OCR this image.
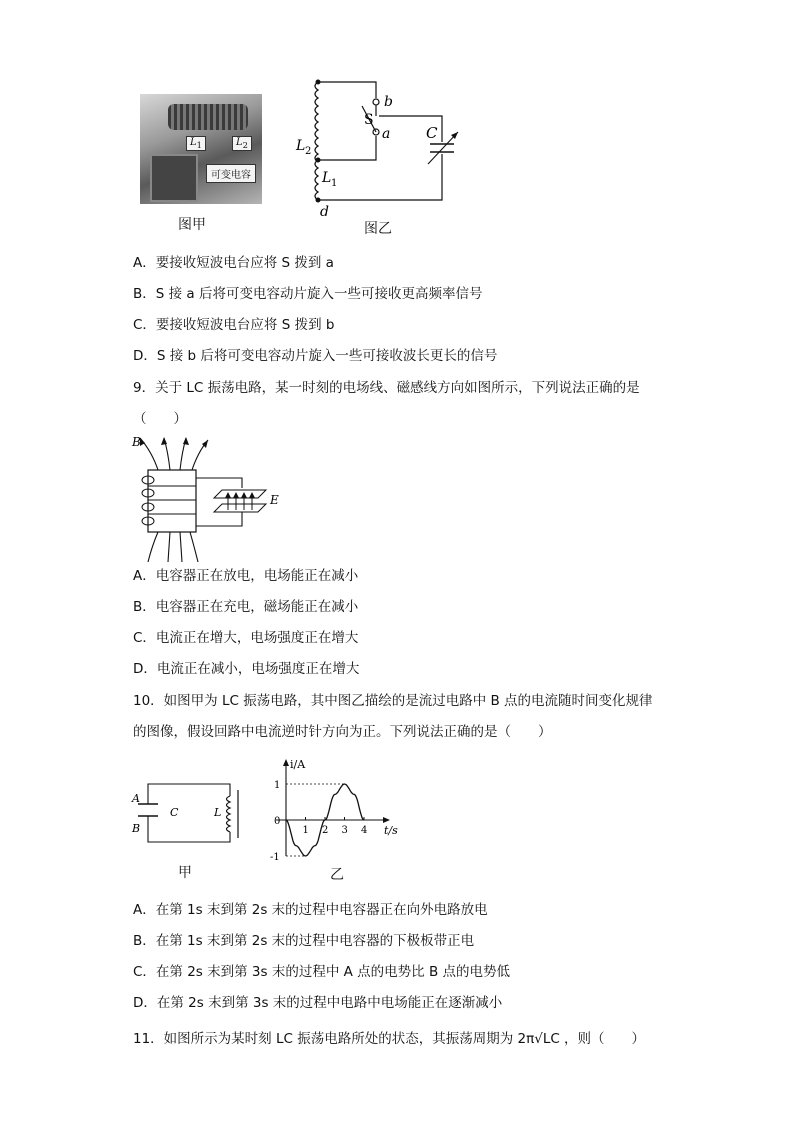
$L_1$	$L_2$
可变电容
图甲
b
S
a C
L 2
L 1
d
图乙
A．要接收短波电台应将 S 拨到 a
B．S 接 a 后将可变电容动片旋入一些可接收更高频率信号
C．要接收短波电台应将 S 拨到 b
D．S 接 b 后将可变电容动片旋入一些可接收波长更长的信号
9．关于 LC 振荡电路，某一时刻的电场线、磁感线方向如图所示，下列说法正确的是
（　　）
B
E
A．电容器正在放电，电场能正在减小
B．电容器正在充电，磁场能正在减小
C．电流正在增大，电场强度正在增大
D．电流正在减小，电场强度正在增大
10．如图甲为 LC 振荡电路，其中图乙描绘的是流过电路中 B 点的电流随时间变化规律
的图像，假设回路中电流逆时针方向为正。下列说法正确的是（　　）
A
B
C	L
甲
i/A
t/s
1 2 3 4
1
0
-1
乙
A．在第 1s 末到第 2s 末的过程中电容器正在向外电路放电
B．在第 1s 末到第 2s 末的过程中电容器的下极板带正电
C．在第 2s 末到第 3s 末的过程中 A 点的电势比 B 点的电势低
D．在第 2s 末到第 3s 末的过程中电路中电场能正在逐渐减小
11．如图所示为某时刻 LC 振荡电路所处的状态，其振荡周期为 2π√LC ，则（　　）
